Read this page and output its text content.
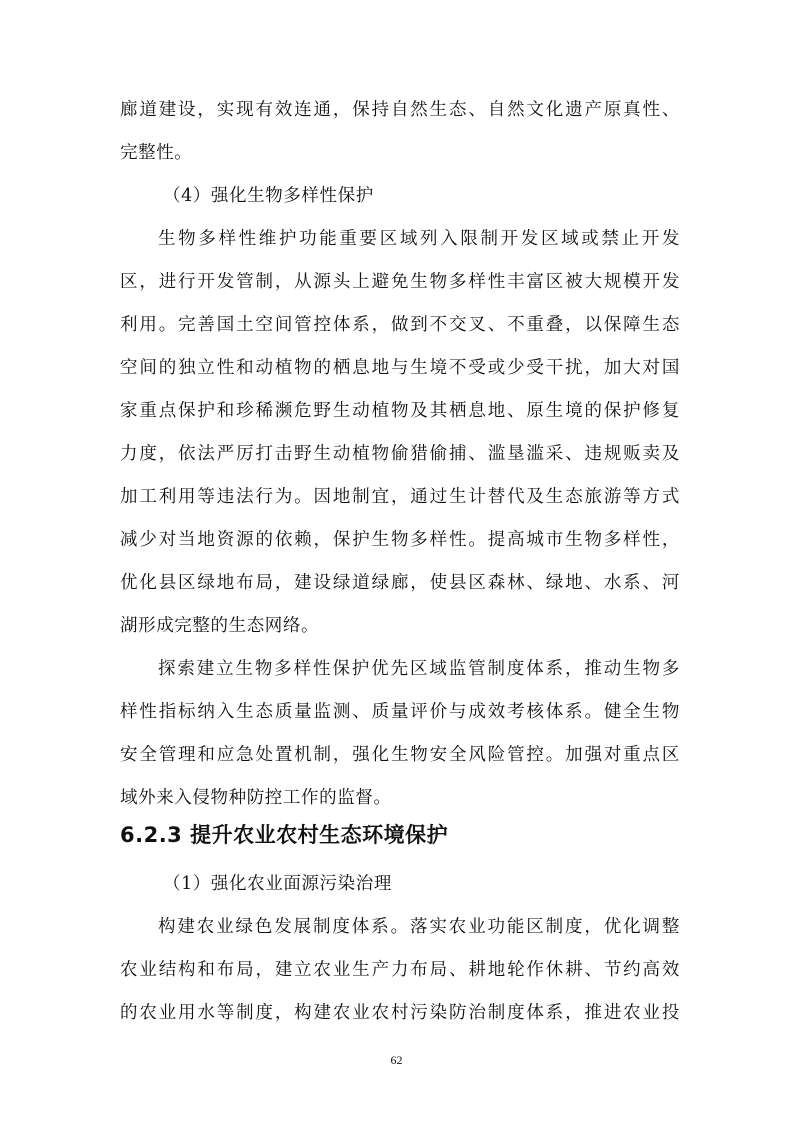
廊道建设，实现有效连通，保持自然生态、自然文化遗产原真性、
完整性。
（4）强化生物多样性保护
生物多样性维护功能重要区域列入限制开发区域或禁止开发
区，进行开发管制，从源头上避免生物多样性丰富区被大规模开发
利用。完善国土空间管控体系，做到不交叉、不重叠，以保障生态
空间的独立性和动植物的栖息地与生境不受或少受干扰，加大对国
家重点保护和珍稀濒危野生动植物及其栖息地、原生境的保护修复
力度，依法严厉打击野生动植物偷猎偷捕、滥垦滥采、违规贩卖及
加工利用等违法行为。因地制宜，通过生计替代及生态旅游等方式
减少对当地资源的依赖，保护生物多样性。提高城市生物多样性，
优化县区绿地布局，建设绿道绿廊，使县区森林、绿地、水系、河
湖形成完整的生态网络。
探索建立生物多样性保护优先区域监管制度体系，推动生物多
样性指标纳入生态质量监测、质量评价与成效考核体系。健全生物
安全管理和应急处置机制，强化生物安全风险管控。加强对重点区
域外来入侵物种防控工作的监督。
6.2.3 提升农业农村生态环境保护
（1）强化农业面源污染治理
构建农业绿色发展制度体系。落实农业功能区制度，优化调整
农业结构和布局，建立农业生产力布局、耕地轮作休耕、节约高效
的农业用水等制度，构建农业农村污染防治制度体系，推进农业投
62
